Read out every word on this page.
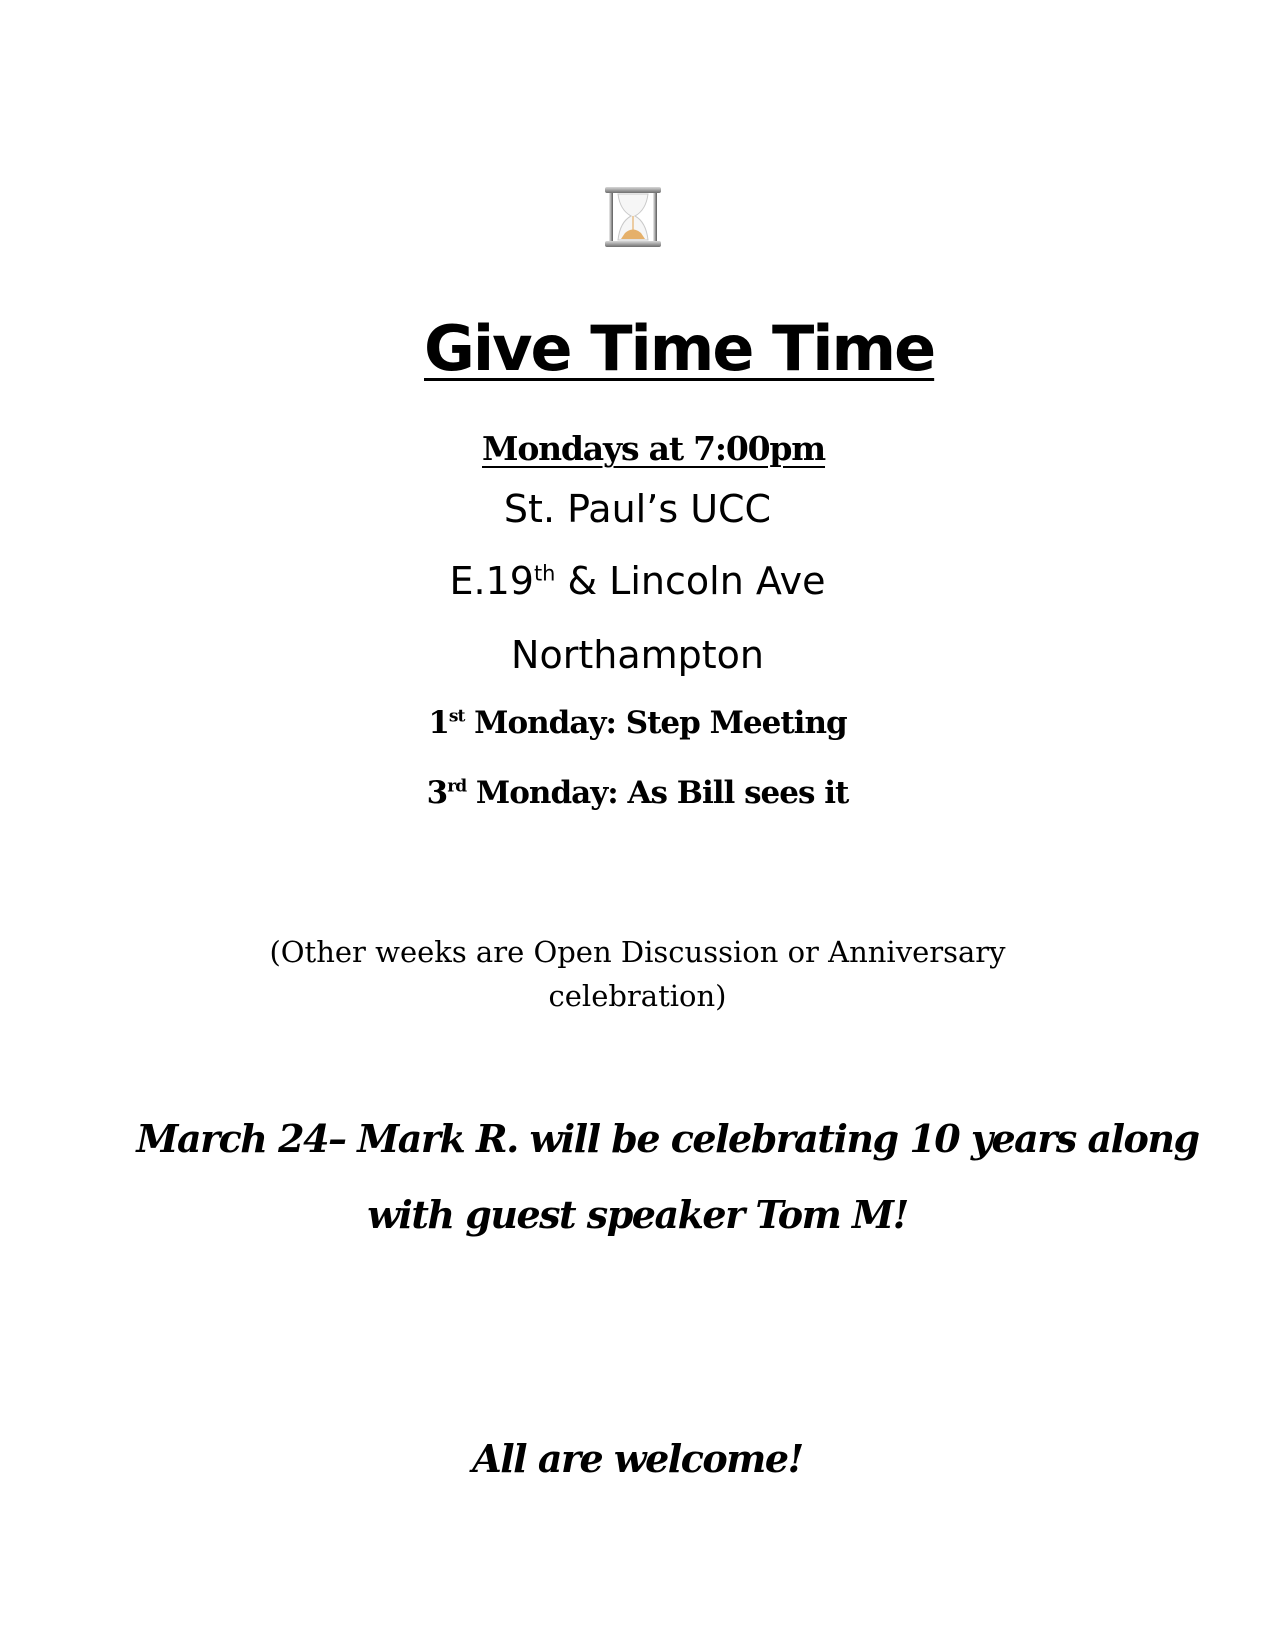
Give Time Time
Mondays at 7:00pm
St. Paul’s UCC
E.19th & Lincoln Ave
Northampton
1st Monday: Step Meeting
3rd Monday: As Bill sees it
(Other weeks are Open Discussion or Anniversary
celebration)
March 24– Mark R. will be celebrating 10 years along
with guest speaker Tom M!
All are welcome!
